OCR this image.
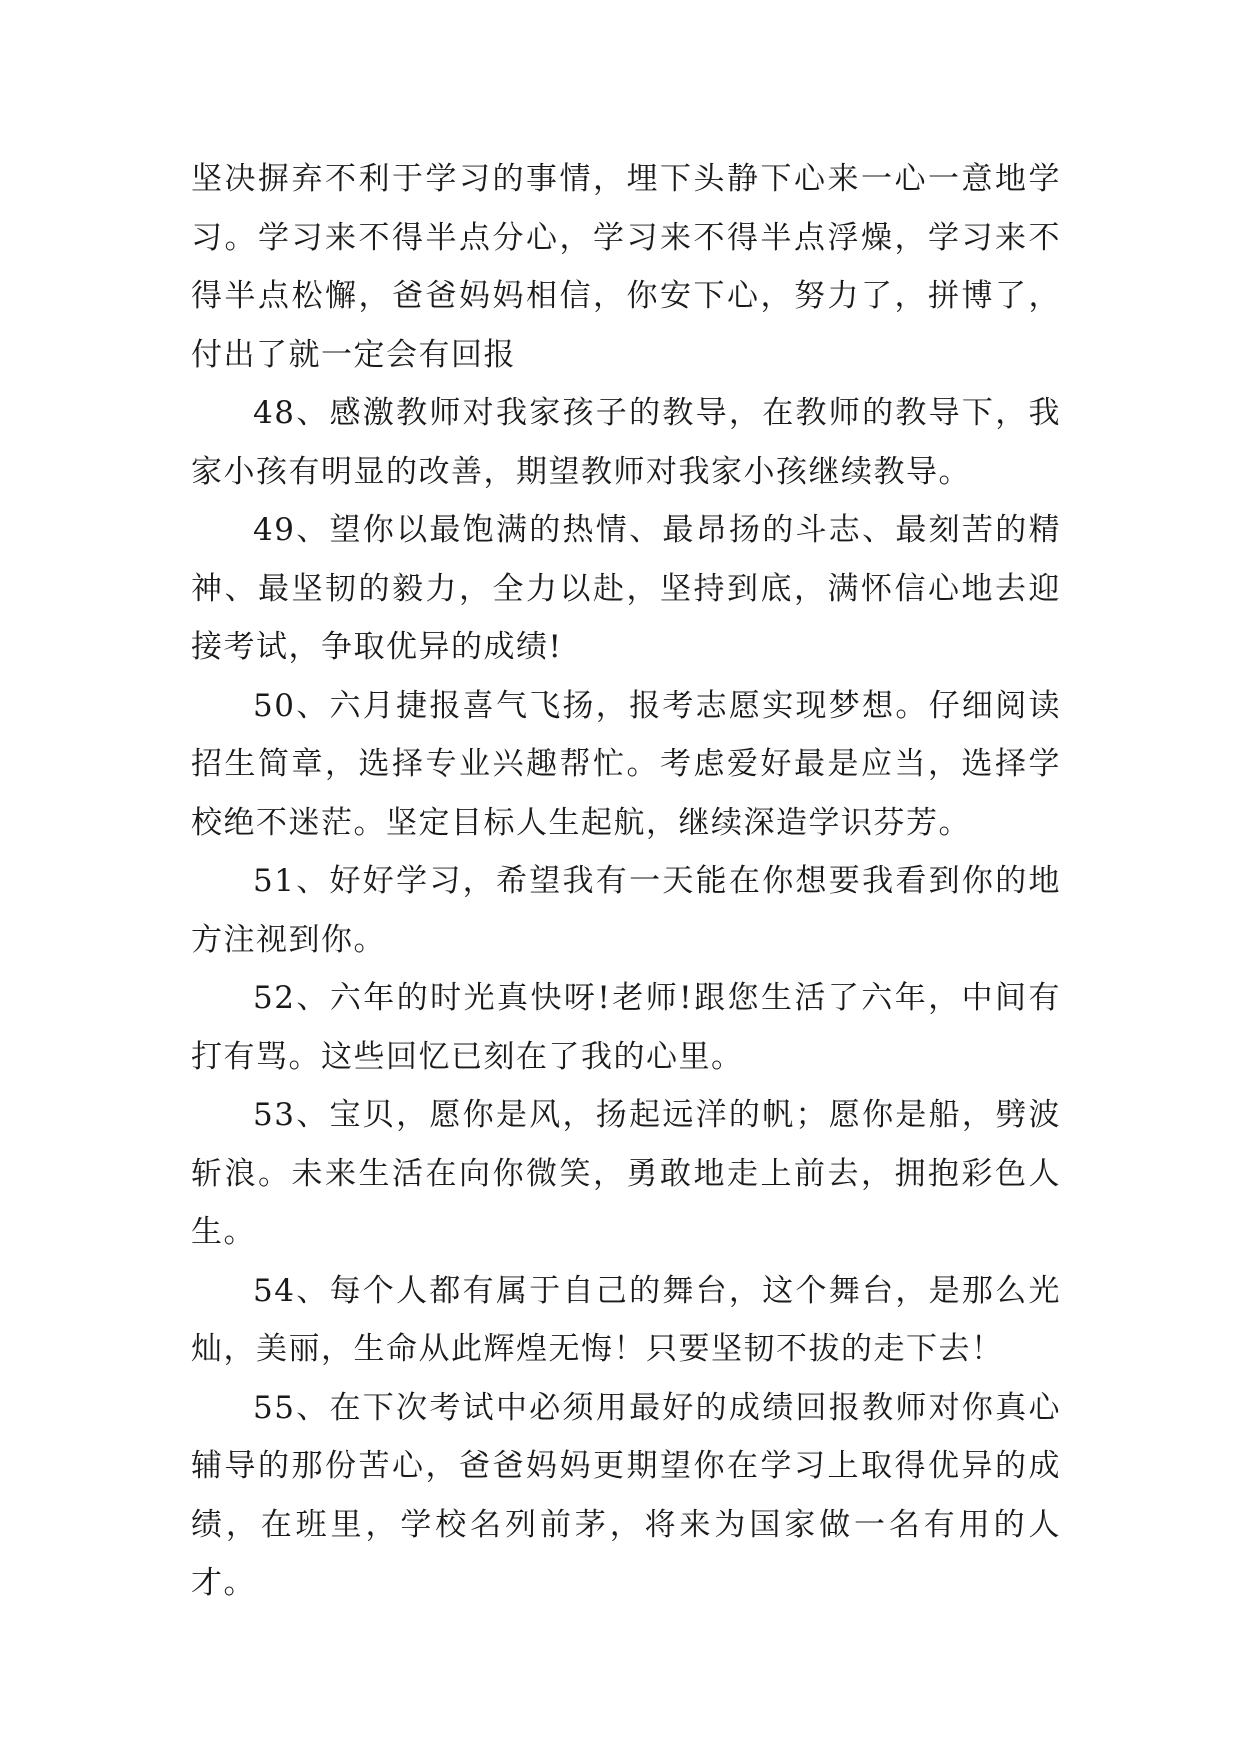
坚决摒弃不利于学习的事情，埋下头静下心来一心一意地学习。学习来不得半点分心，学习来不得半点浮燥，学习来不得半点松懈，爸爸妈妈相信，你安下心，努力了，拼博了，付出了就一定会有回报

48、感激教师对我家孩子的教导，在教师的教导下，我家小孩有明显的改善，期望教师对我家小孩继续教导。

49、望你以最饱满的热情、最昂扬的斗志、最刻苦的精神、最坚韧的毅力，全力以赴，坚持到底，满怀信心地去迎接考试，争取优异的成绩!

50、六月捷报喜气飞扬，报考志愿实现梦想。仔细阅读招生简章，选择专业兴趣帮忙。考虑爱好最是应当，选择学校绝不迷茫。坚定目标人生起航，继续深造学识芬芳。

51、好好学习，希望我有一天能在你想要我看到你的地方注视到你。

52、六年的时光真快呀!老师!跟您生活了六年，中间有打有骂。这些回忆已刻在了我的心里。

53、宝贝，愿你是风，扬起远洋的帆；愿你是船，劈波斩浪。未来生活在向你微笑，勇敢地走上前去，拥抱彩色人生。

54、每个人都有属于自己的舞台，这个舞台，是那么光灿，美丽，生命从此辉煌无悔！只要坚韧不拔的走下去！

55、在下次考试中必须用最好的成绩回报教师对你真心辅导的那份苦心，爸爸妈妈更期望你在学习上取得优异的成绩，在班里，学校名列前茅，将来为国家做一名有用的人才。
